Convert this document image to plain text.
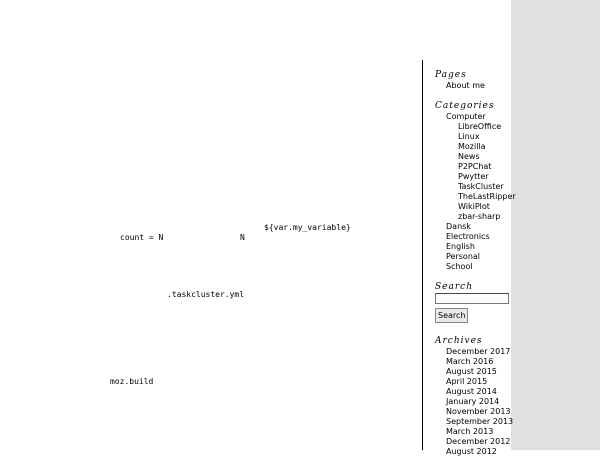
${var.my_variable}
count = N	N
.taskcluster.yml
moz.build
Pages
About me
Categories
Computer
LibreOffice
Linux
Mozilla
News
P2PChat
Pwytter
TaskCluster
TheLastRipper
WikiPlot
zbar-sharp
Dansk
Electronics
English
Personal
School
Search
Search
Archives
December 2017
March 2016
August 2015
April 2015
August 2014
January 2014
November 2013
September 2013
March 2013
December 2012
August 2012
